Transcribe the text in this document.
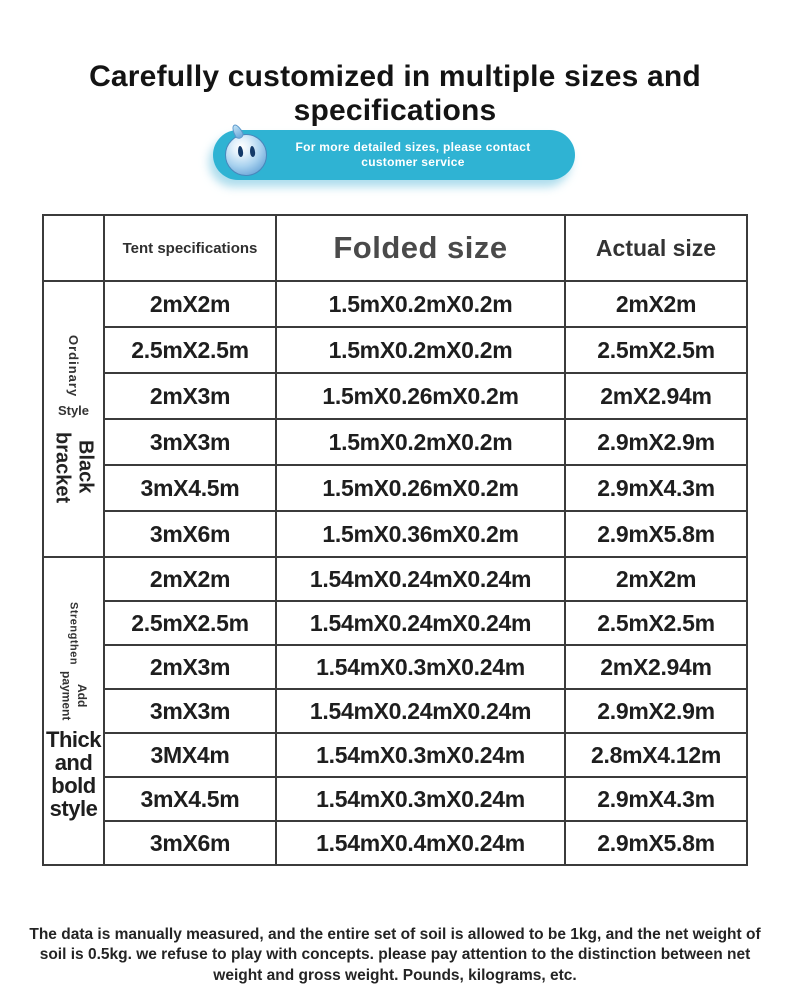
Carefully customized in multiple sizes and specifications
For more detailed sizes, please contact
customer service
	Tent specifications	Folded size	Actual size

Ordinary
Style
Black
bracket	2mX2m	1.5mX0.2mX0.2m	2mX2m
	2.5mX2.5m	1.5mX0.2mX0.2m	2.5mX2.5m
	2mX3m	1.5mX0.26mX0.2m	2mX2.94m
	3mX3m	1.5mX0.2mX0.2m	2.9mX2.9m
	3mX4.5m	1.5mX0.26mX0.2m	2.9mX4.3m
	3mX6m	1.5mX0.36mX0.2m	2.9mX5.8m

Strengthen
Add
payment
Thick and bold style	2mX2m	1.54mX0.24mX0.24m	2mX2m
	2.5mX2.5m	1.54mX0.24mX0.24m	2.5mX2.5m
	2mX3m	1.54mX0.3mX0.24m	2mX2.94m
	3mX3m	1.54mX0.24mX0.24m	2.9mX2.9m
	3MX4m	1.54mX0.3mX0.24m	2.8mX4.12m
	3mX4.5m	1.54mX0.3mX0.24m	2.9mX4.3m
	3mX6m	1.54mX0.4mX0.24m	2.9mX5.8m
The data is manually measured, and the entire set of soil is allowed to be 1kg, and the net weight of soil is 0.5kg. we refuse to play with concepts. please pay attention to the distinction between net weight and gross weight. Pounds, kilograms, etc.
